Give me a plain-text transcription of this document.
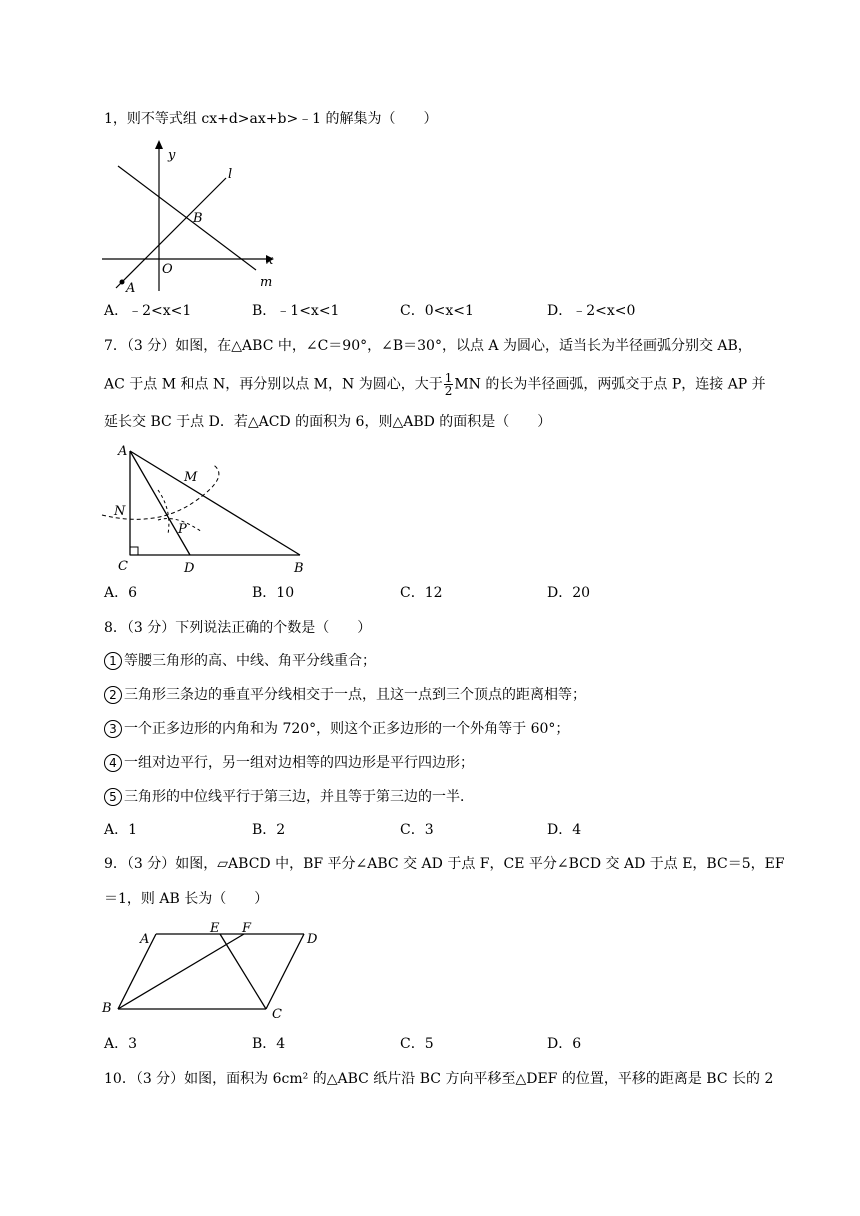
1，则不等式组 cx+d>ax+b>﹣1 的解集为（　　）
y
x
l
m
B
O
A
A．﹣2<x<1	B．﹣1<x<1	C．0<x<1	D．﹣2<x<0
7．（3 分）如图，在△ABC 中，∠C＝90°，∠B＝30°，以点 A 为圆心，适当长为半径画弧分别交 AB，
AC 于点 M 和点 N，再分别以点 M，N 为圆心，大于 $\frac{1}{2}$ MN 的长为半径画弧，两弧交于点 P，连接 AP 并
延长交 BC 于点 D．若△ACD 的面积为 6，则△ABD 的面积是（　　）
A
M
N
P
C	D	B
A．6	B．10	C．12	D．20
8．（3 分）下列说法正确的个数是（　　）
1 等腰三角形的高、中线、角平分线重合；
2 三角形三条边的垂直平分线相交于一点，且这一点到三个顶点的距离相等；
3 一个正多边形的内角和为 720°，则这个正多边形的一个外角等于 60°；
4 一组对边平行，另一组对边相等的四边形是平行四边形；
5 三角形的中位线平行于第三边，并且等于第三边的一半．
A．1	B．2	C．3	D．4
9．（3 分）如图，▱ABCD 中，BF 平分∠ABC 交 AD 于点 F，CE 平分∠BCD 交 AD 于点 E，BC＝5，EF
＝1，则 AB 长为（　　）
A
E F
D
B	C
A．3	B．4	C．5	D．6
10．（3 分）如图，面积为 6cm² 的△ABC 纸片沿 BC 方向平移至△DEF 的位置，平移的距离是 BC 长的 2
